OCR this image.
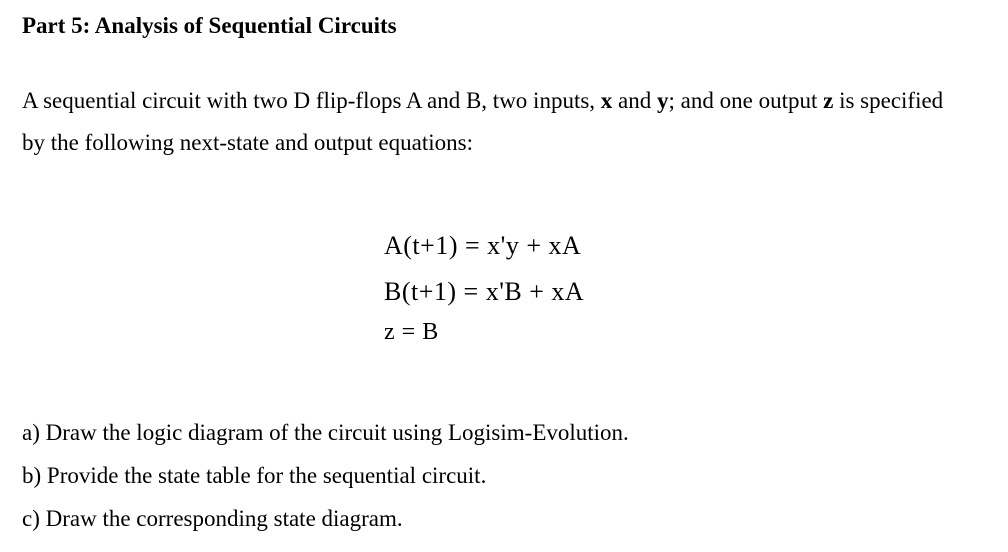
Part 5: Analysis of Sequential Circuits
A sequential circuit with two D flip-flops A and B, two inputs, x and y; and one output z is specified
by the following next-state and output equations:
A(t+1) = x'y + xA
B(t+1) = x'B + xA
z = B
a) Draw the logic diagram of the circuit using Logisim-Evolution.
b) Provide the state table for the sequential circuit.
c) Draw the corresponding state diagram.
